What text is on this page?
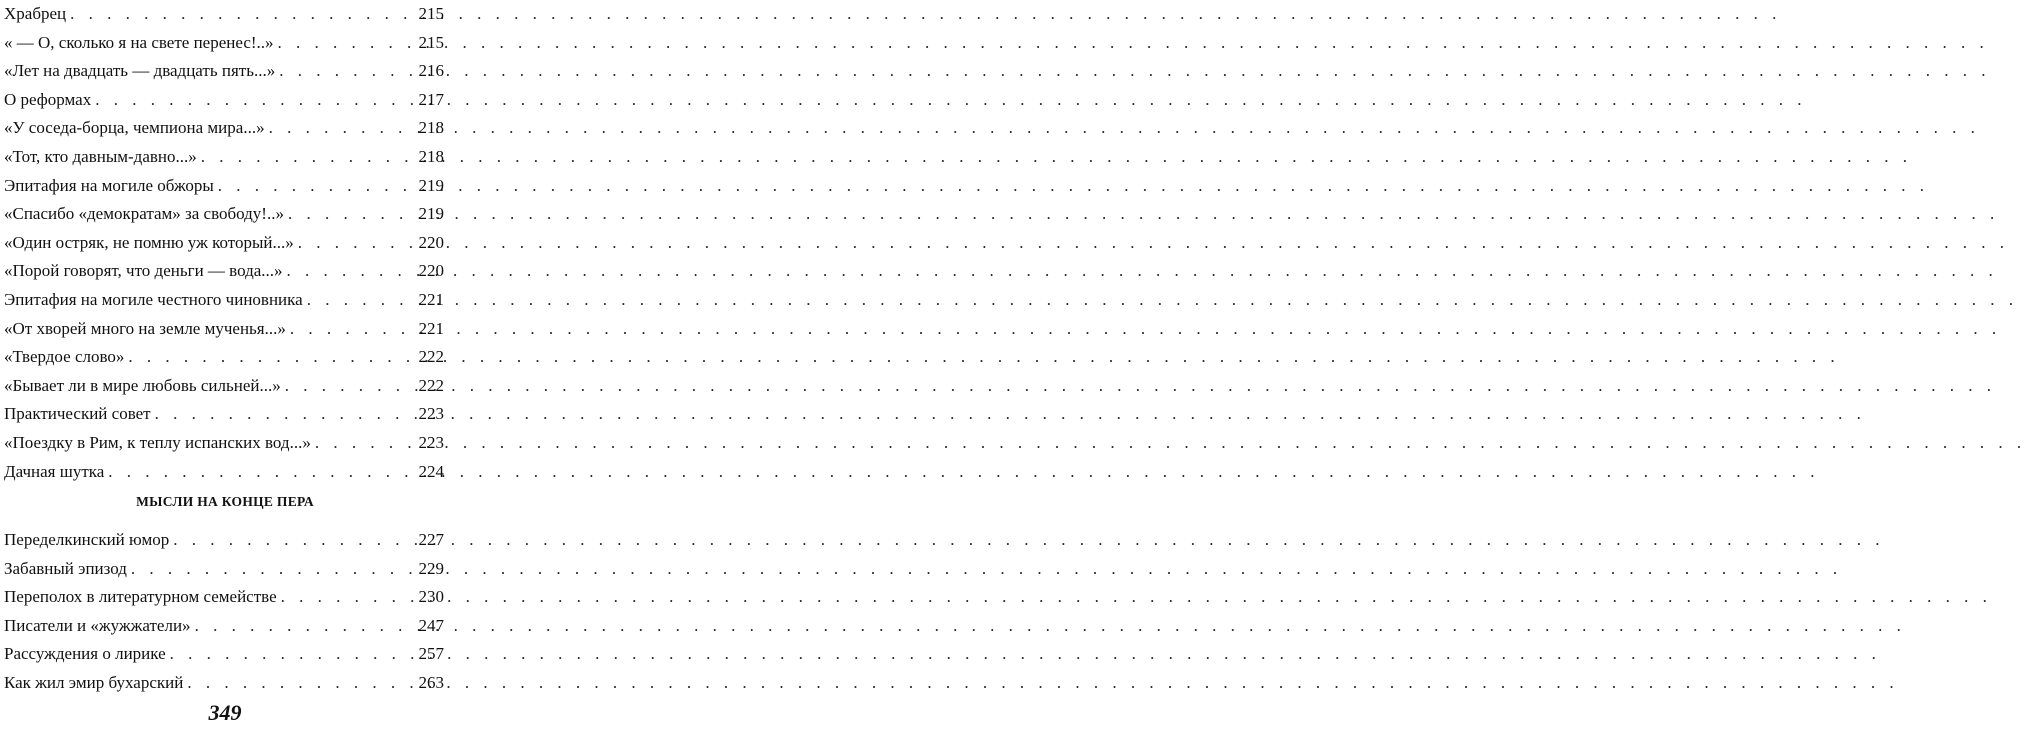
Храбрец . . .	215
« — О, сколько я на свете перенес!..» . . .	215
«Лет на двадцать — двадцать пять...» . . .	216
О реформах . . .	217
«У соседа-борца, чемпиона мира...» . . .	218
«Тот, кто давным-давно...» . . .	218
Эпитафия на могиле обжоры . . .	219
«Спасибо «демократам» за свободу!..» . . .	219
«Один остряк, не помню уж который...» . . .	220
«Порой говорят, что деньги — вода...» . . .	220
Эпитафия на могиле честного чиновника . . .	221
«От хворей много на земле мученья...» . . .	221
«Твердое слово» . . .	222
«Бывает ли в мире любовь сильней...» . . .	222
Практический совет . . .	223
«Поездку в Рим, к теплу испанских вод...» . . .	223
Дачная шутка . . .	224
МЫСЛИ НА КОНЦЕ ПЕРА
Переделкинский юмор . . .	227
Забавный эпизод . . .	229
Переполох в литературном семействе . . .	230
Писатели и «жужжатели» . . .	247
Рассуждения о лирике . . .	257
Как жил эмир бухарский . . .	263
349
